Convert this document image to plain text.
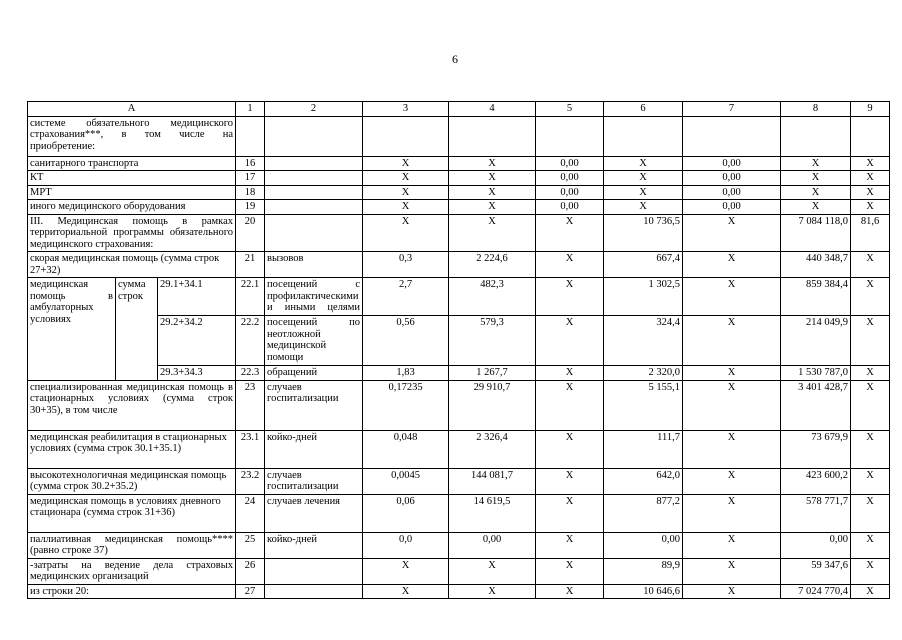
6
А			1	2	3	4	5	6	7	8	9
системе обязательного медицинского страхования***, в том числе на приобретение:											
санитарного транспорта			16		Х	Х	0,00	Х	0,00	Х	Х
КТ			17		Х	Х	0,00	Х	0,00	Х	Х
МРТ			18		Х	Х	0,00	Х	0,00	Х	Х
иного медицинского оборудования			19		Х	Х	0,00	Х	0,00	Х	Х
III. Медицинская помощь в рамках территориальной программы обязательного медицинского страхования:			20		Х	Х	Х	10 736,5	Х	7 084 118,0	81,6
скорая медицинская помощь (сумма строк 27+32)			21	вызовов	0,3	2 224,6	Х	667,4	Х	440 348,7	Х
медицинская помощь в амбулаторных условиях	сумма строк	29.1+34.1	22.1	посещений с профилактическими и иными целями	2,7	482,3	Х	1 302,5	Х	859 384,4	Х
		29.2+34.2	22.2	посещений по неотложной медицинской помощи	0,56	579,3	Х	324,4	Х	214 049,9	Х
		29.3+34.3	22.3	обращений	1,83	1 267,7	Х	2 320,0	Х	1 530 787,0	Х
специализированная медицинская помощь в стационарных условиях (сумма строк 30+35), в том числе			23	случаев госпитализации	0,17235	29 910,7	Х	5 155,1	Х	3 401 428,7	Х
медицинская реабилитация в стационарных условиях (сумма строк 30.1+35.1)			23.1	койко-дней	0,048	2 326,4	Х	111,7	Х	73 679,9	Х
высокотехнологичная медицинская помощь (сумма строк 30.2+35.2)			23.2	случаев госпитализации	0,0045	144 081,7	Х	642,0	Х	423 600,2	Х
медицинская помощь в условиях дневного стационара (сумма строк 31+36)			24	случаев лечения	0,06	14 619,5	Х	877,2	Х	578 771,7	Х
паллиативная медицинская помощь**** (равно строке 37)			25	койко-дней	0,0	0,00	Х	0,00	Х	0,00	Х
-затраты на ведение дела страховых медицинских организаций			26		Х	Х	Х	89,9	Х	59 347,6	Х
из строки 20:			27		Х	Х	Х	10 646,6	Х	7 024 770,4	Х
